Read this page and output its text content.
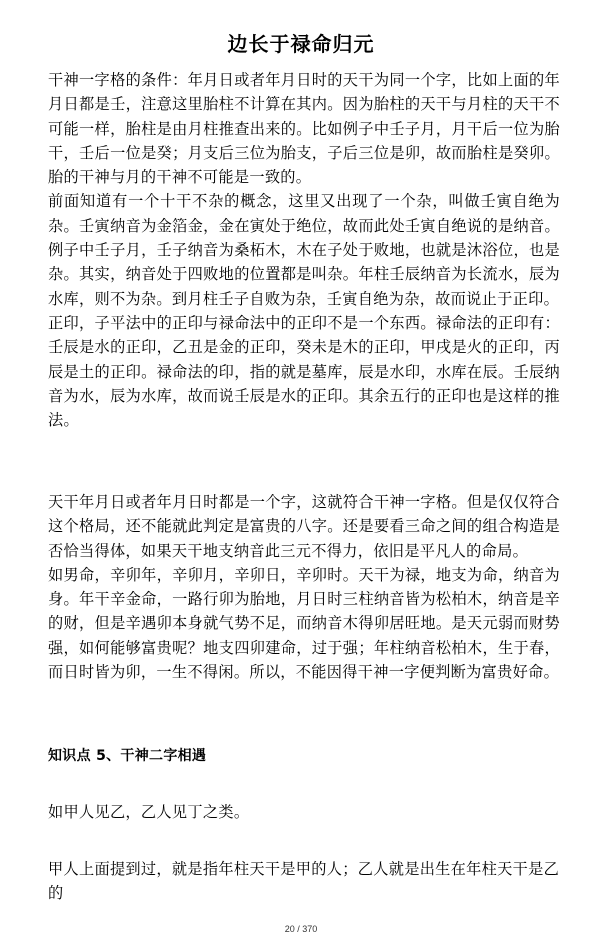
边长于禄命归元

干神一字格的条件：年月日或者年月日时的天干为同一个字，比如上面的年月日都是壬，注意这里胎柱不计算在其内。因为胎柱的天干与月柱的天干不可能一样，胎柱是由月柱推查出来的。比如例子中壬子月，月干后一位为胎干，壬后一位是癸；月支后三位为胎支，子后三位是卯，故而胎柱是癸卯。胎的干神与月的干神不可能是一致的。

前面知道有一个十干不杂的概念，这里又出现了一个杂，叫做壬寅自绝为杂。壬寅纳音为金箔金，金在寅处于绝位，故而此处壬寅自绝说的是纳音。例子中壬子月，壬子纳音为桑柘木，木在子处于败地，也就是沐浴位，也是杂。其实，纳音处于四败地的位置都是叫杂。年柱壬辰纳音为长流水，辰为水库，则不为杂。到月柱壬子自败为杂，壬寅自绝为杂，故而说止于正印。

正印，子平法中的正印与禄命法中的正印不是一个东西。禄命法的正印有：壬辰是水的正印，乙丑是金的正印，癸未是木的正印，甲戌是火的正印，丙辰是土的正印。禄命法的印，指的就是墓库，辰是水印，水库在辰。壬辰纳音为水，辰为水库，故而说壬辰是水的正印。其余五行的正印也是这样的推法。

天干年月日或者年月日时都是一个字，这就符合干神一字格。但是仅仅符合这个格局，还不能就此判定是富贵的八字。还是要看三命之间的组合构造是否恰当得体，如果天干地支纳音此三元不得力，依旧是平凡人的命局。

如男命，辛卯年，辛卯月，辛卯日，辛卯时。天干为禄，地支为命，纳音为身。年干辛金命，一路行卯为胎地，月日时三柱纳音皆为松柏木，纳音是辛的财，但是辛遇卯本身就气势不足，而纳音木得卯居旺地。是天元弱而财势强，如何能够富贵呢？地支四卯建命，过于强；年柱纳音松柏木，生于春，而日时皆为卯，一生不得闲。所以，不能因得干神一字便判断为富贵好命。

知识点 5、干神二字相遇
如甲人见乙，乙人见丁之类。
甲人上面提到过，就是指年柱天干是甲的人；乙人就是出生在年柱天干是乙的
20 / 370
